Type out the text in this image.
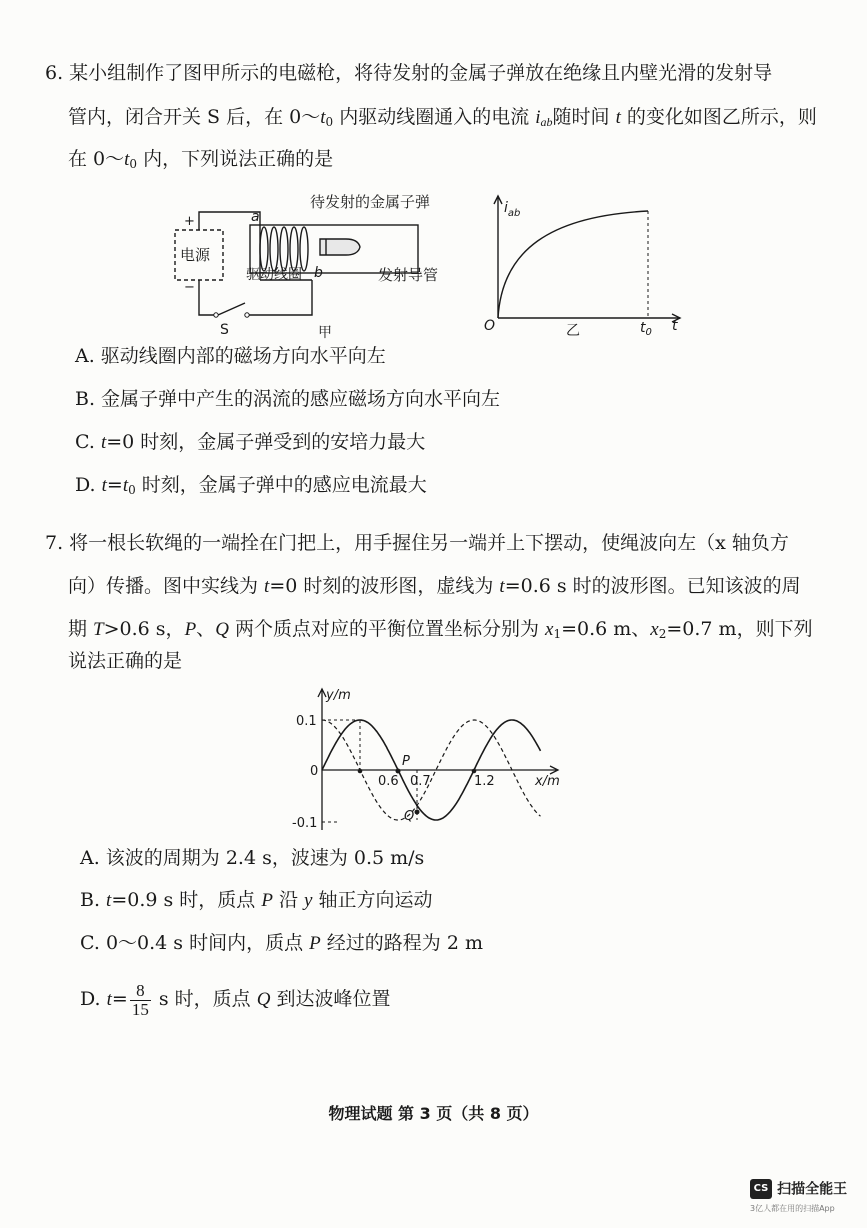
6. 某小组制作了图甲所示的电磁枪，将待发射的金属子弹放在绝缘且内壁光滑的发射导
管内，闭合开关 S 后，在 $0\sim t_0$ 内驱动线圈通入的电流 $i_{ab}$随时间 t 的变化如图乙所示，则
在 $0\sim t_0$ 内，下列说法正确的是
+
−
电源
S
a
b
驱动线圈
待发射的金属子弹
发射导管
甲
$i_{ab}$
O	$t_0$ t
乙
A. 驱动线圈内部的磁场方向水平向左
B. 金属子弹中产生的涡流的感应磁场方向水平向左
C. t=0 时刻，金属子弹受到的安培力最大
D. $t=t_0$ 时刻，金属子弹中的感应电流最大
7. 将一根长软绳的一端拴在门把上，用手握住另一端并上下摆动，使绳波向左（x 轴负方
向）传播。图中实线为 t=0 时刻的波形图，虚线为 t=0.6 s 时的波形图。已知该波的周
期 T>0.6 s，P、Q 两个质点对应的平衡位置坐标分别为 $x_1=0.6$ m、$x_2=0.7$ m，则下列
说法正确的是
y/m
x/m
0.1
-0.1
0
0.6 0.7	1.2
P
Q
A. 该波的周期为 2.4 s，波速为 0.5 m/s
B. t=0.9 s 时，质点 P 沿 y 轴正方向运动
C. 0～0.4 s 时间内，质点 P 经过的路程为 2 m
D. $t= \frac{8}{15}$ s 时，质点 Q 到达波峰位置
物理试题 第 3 页（共 8 页）
CS 扫描全能王
3亿人都在用的扫描App
